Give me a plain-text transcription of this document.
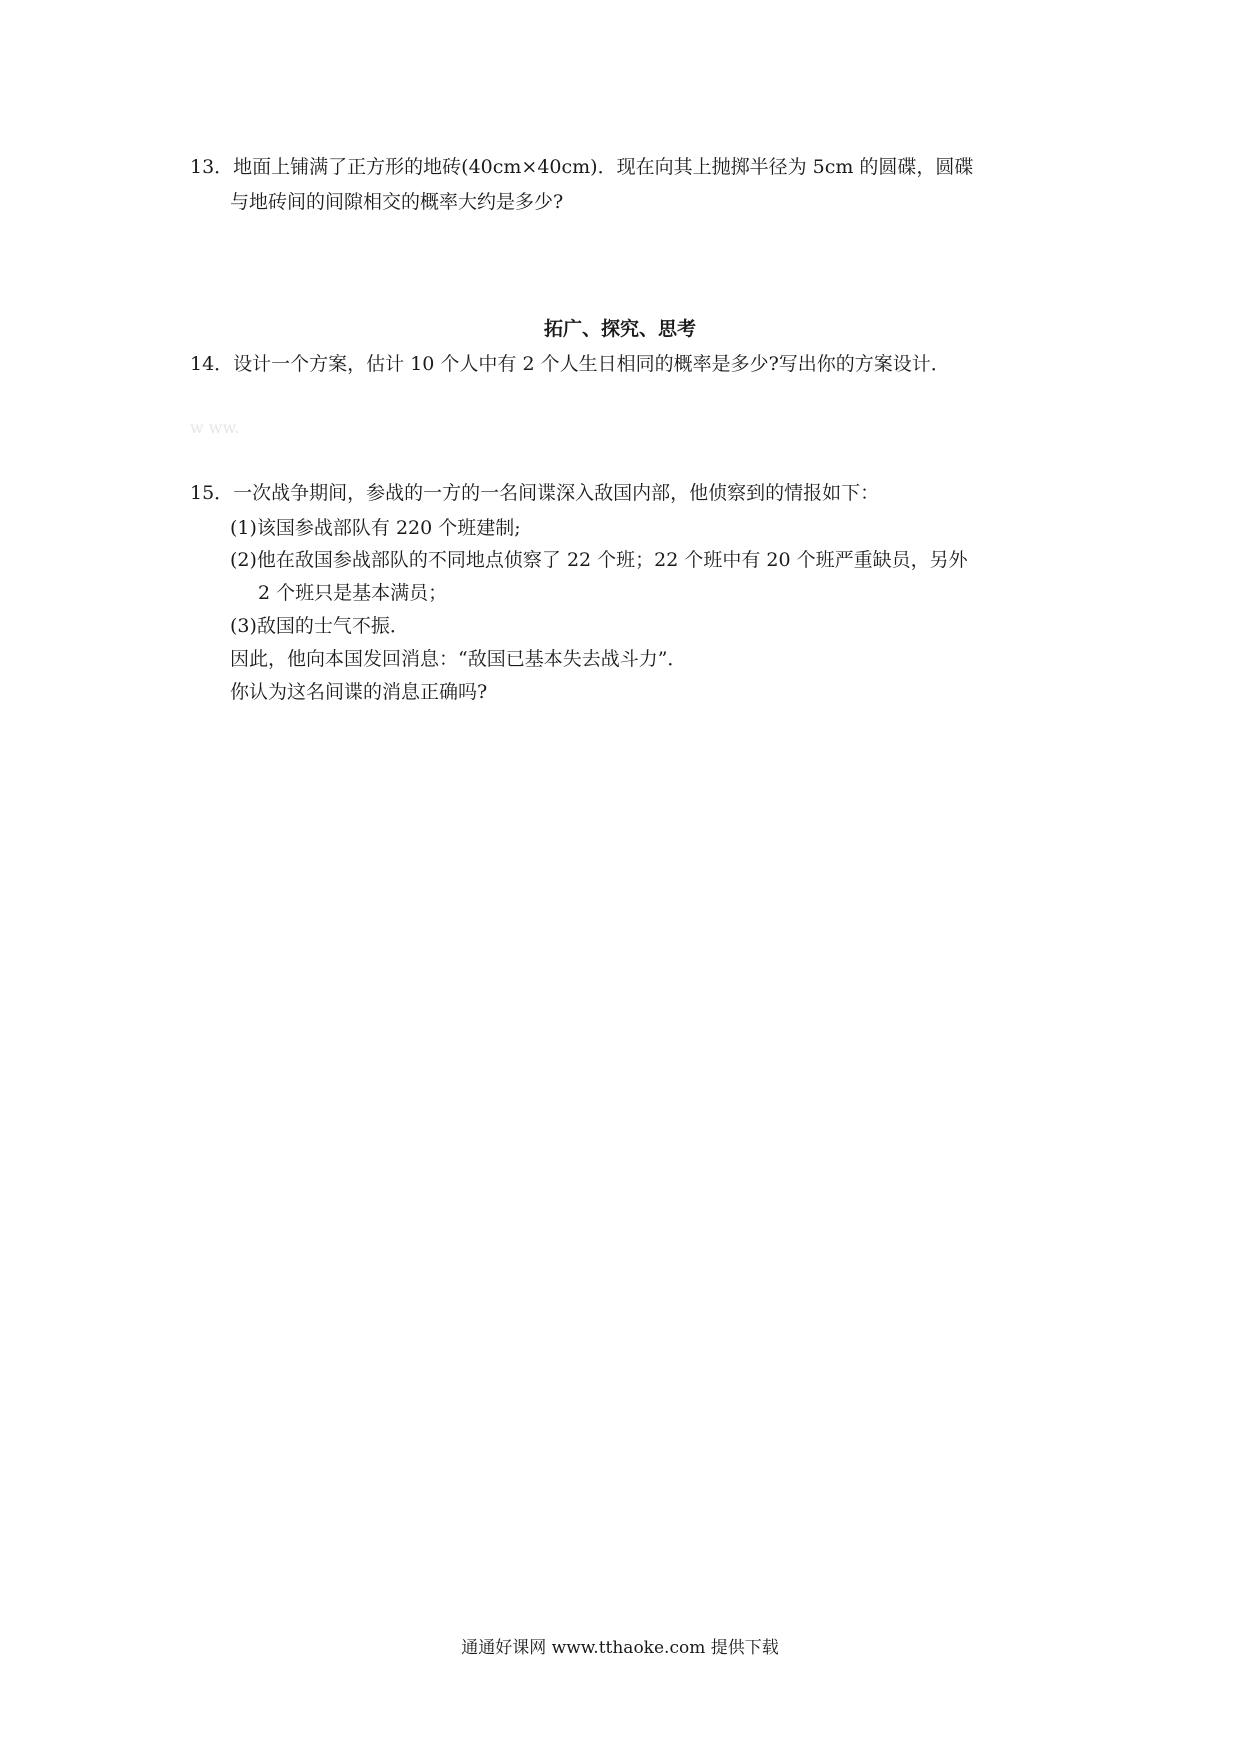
13．地面上铺满了正方形的地砖(40cm×40cm)．现在向其上抛掷半径为 5cm 的圆碟，圆碟
与地砖间的间隙相交的概率大约是多少?
拓广、探究、思考
14．设计一个方案，估计 10 个人中有 2 个人生日相同的概率是多少?写出你的方案设计．
w ww.
15．一次战争期间，参战的一方的一名间谍深入敌国内部，他侦察到的情报如下：
(1)该国参战部队有 220 个班建制;
(2)他在敌国参战部队的不同地点侦察了 22 个班；22 个班中有 20 个班严重缺员，另外
2 个班只是基本满员；
(3)敌国的士气不振．
因此，他向本国发回消息：“敌国已基本失去战斗力”．
你认为这名间谍的消息正确吗?
通通好课网 www.tthaoke.com 提供下载
